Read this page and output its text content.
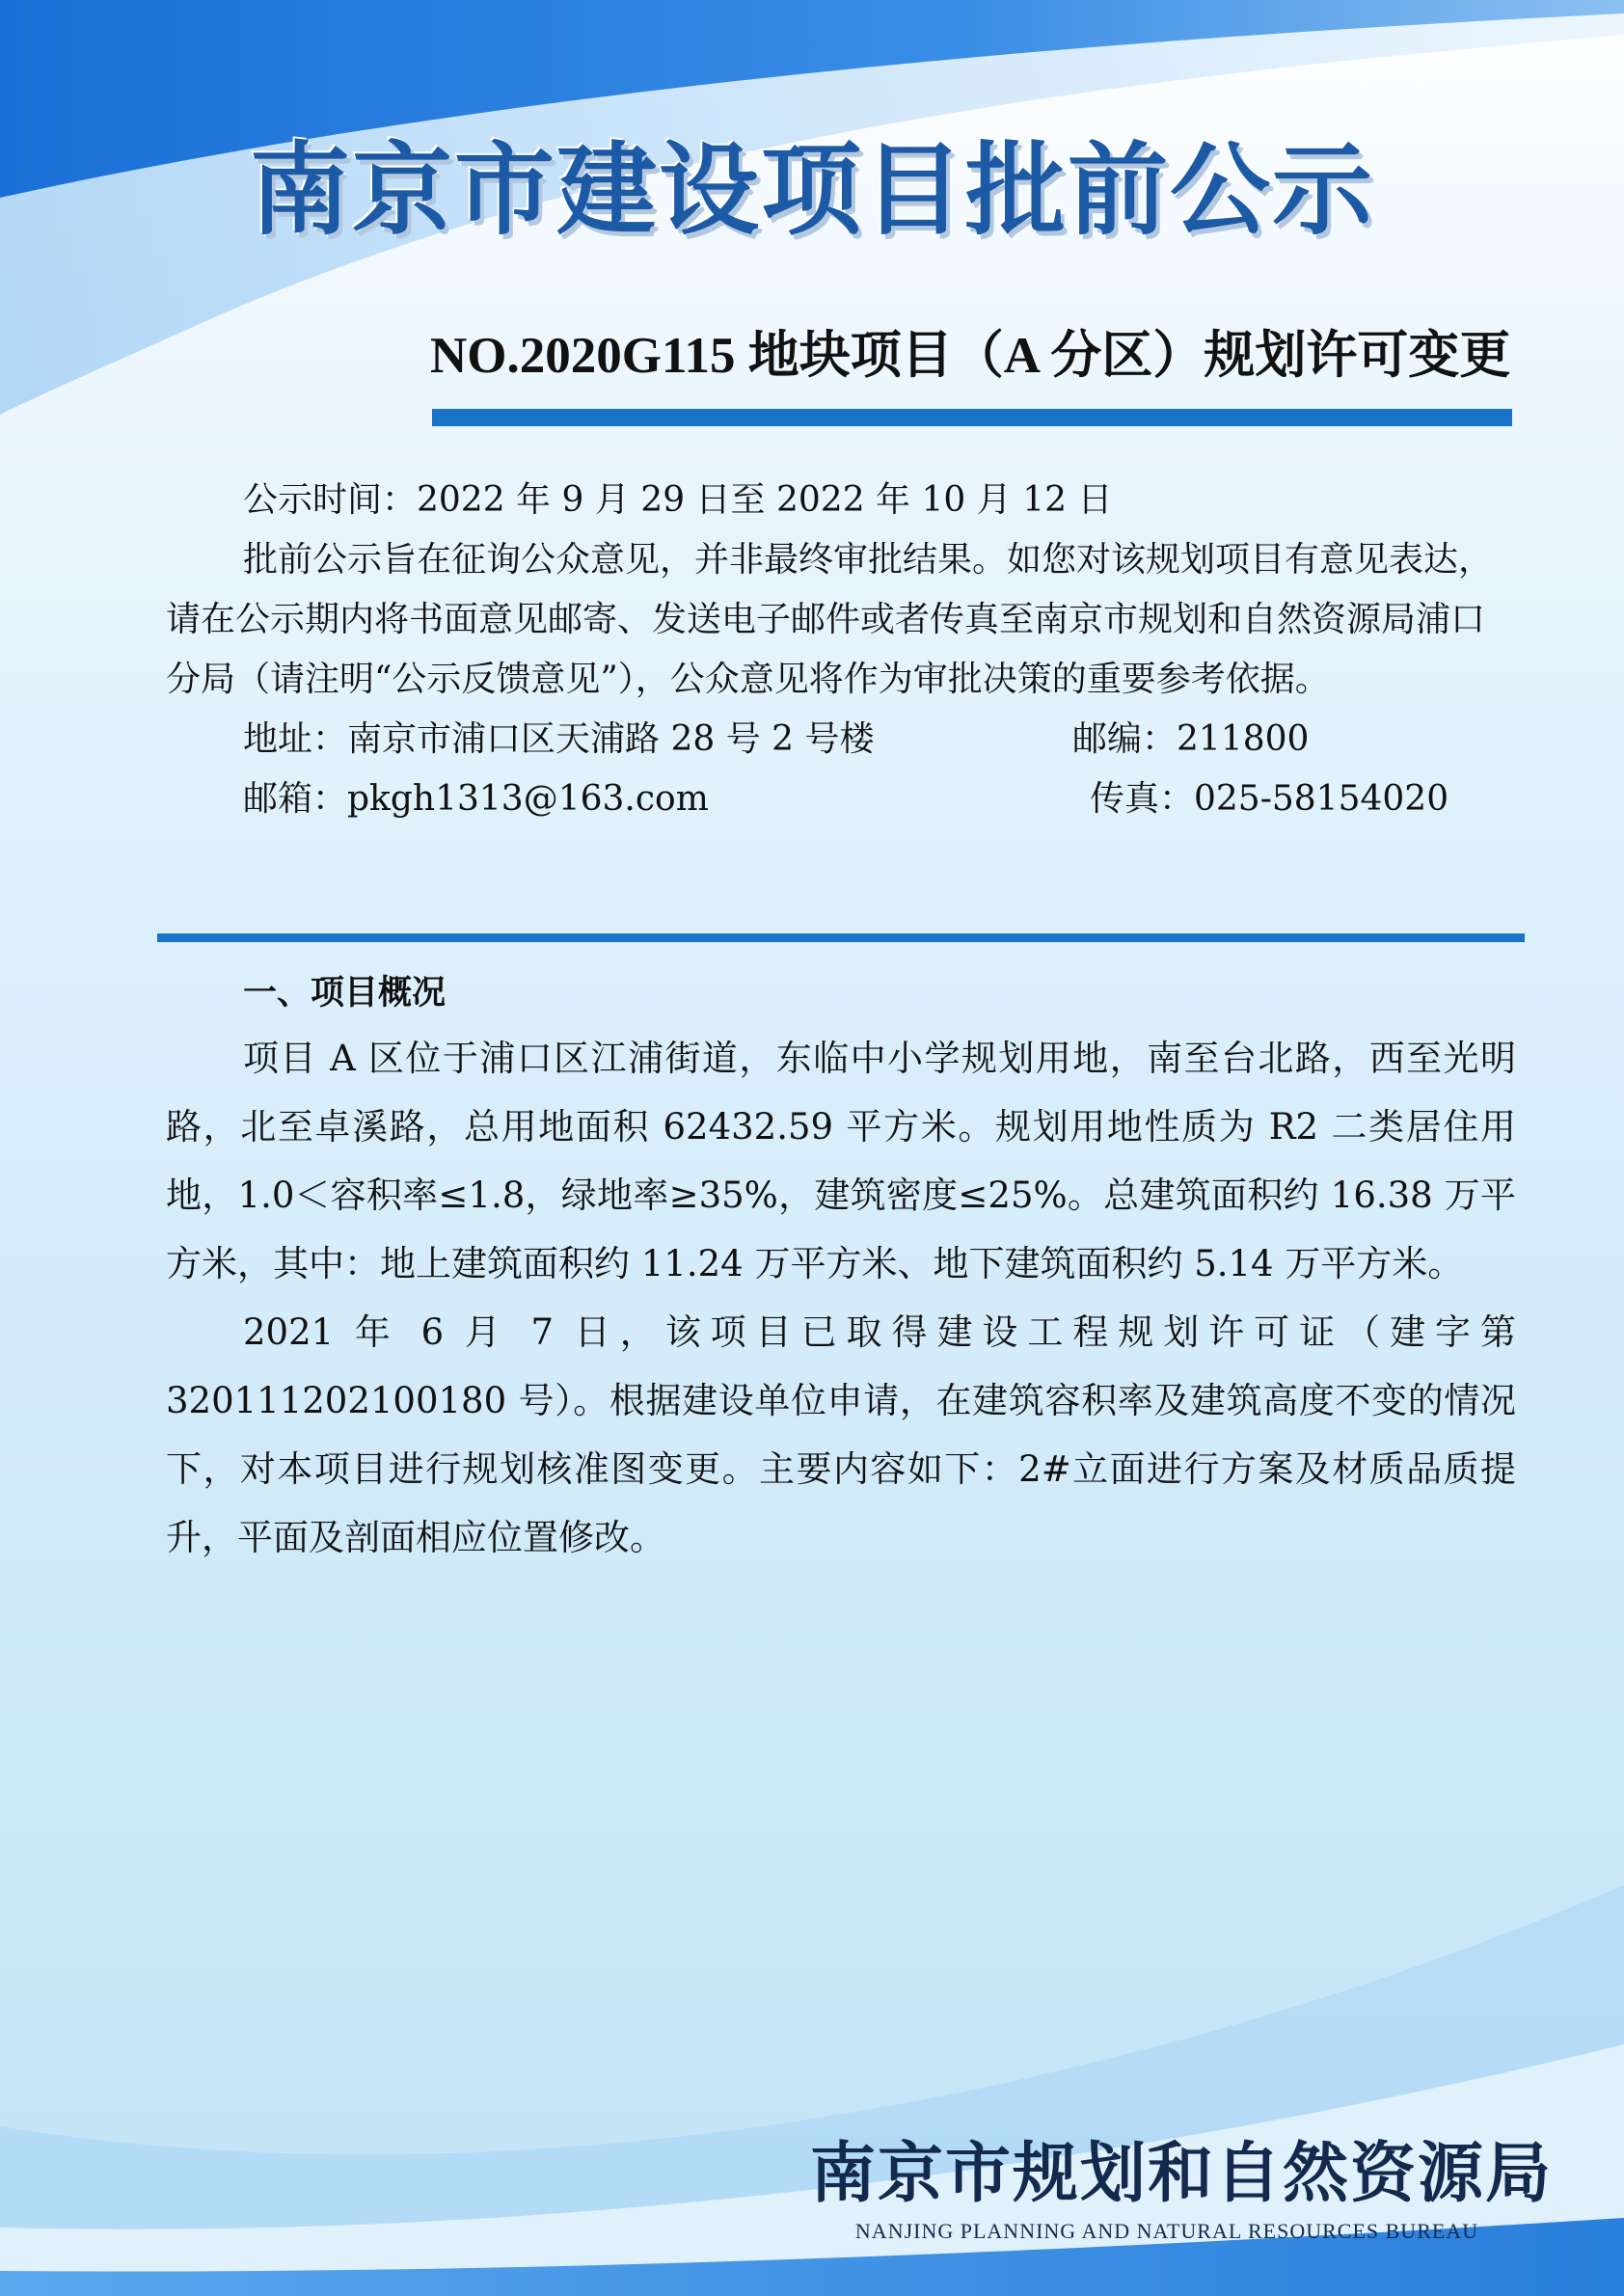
南京市建设项目批前公示
NO.2020G115 地块项目（A 分区）规划许可变更

公示时间：2022 年 9 月 29 日至 2022 年 10 月 12 日

批前公示旨在征询公众意见，并非最终审批结果。如您对该规划项目有意见表达，请在公示期内将书面意见邮寄、发送电子邮件或者传真至南京市规划和自然资源局浦口分局（请注明“公示反馈意见”），公众意见将作为审批决策的重要参考依据。

地址：南京市浦口区天浦路 28 号 2 号楼	邮编：211800
邮箱：pkgh1313@163.com	传真：025-58154020
一、项目概况

项目 A 区位于浦口区江浦街道，东临中小学规划用地，南至台北路，西至光明路，北至卓溪路，总用地面积 62432.59 平方米。规划用地性质为 R2 二类居住用地，1.0＜容积率≤1.8，绿地率≥35%，建筑密度≤25%。总建筑面积约 16.38 万平方米，其中：地上建筑面积约 11.24 万平方米、地下建筑面积约 5.14 万平方米。

2021 年 6 月 7 日，该项目已取得建设工程规划许可证（建字第 320111202100180 号）。根据建设单位申请，在建筑容积率及建筑高度不变的情况下，对本项目进行规划核准图变更。主要内容如下：2#立面进行方案及材质品质提升，平面及剖面相应位置修改。

南京市规划和自然资源局
NANJING PLANNING AND NATURAL RESOURCES BUREAU
